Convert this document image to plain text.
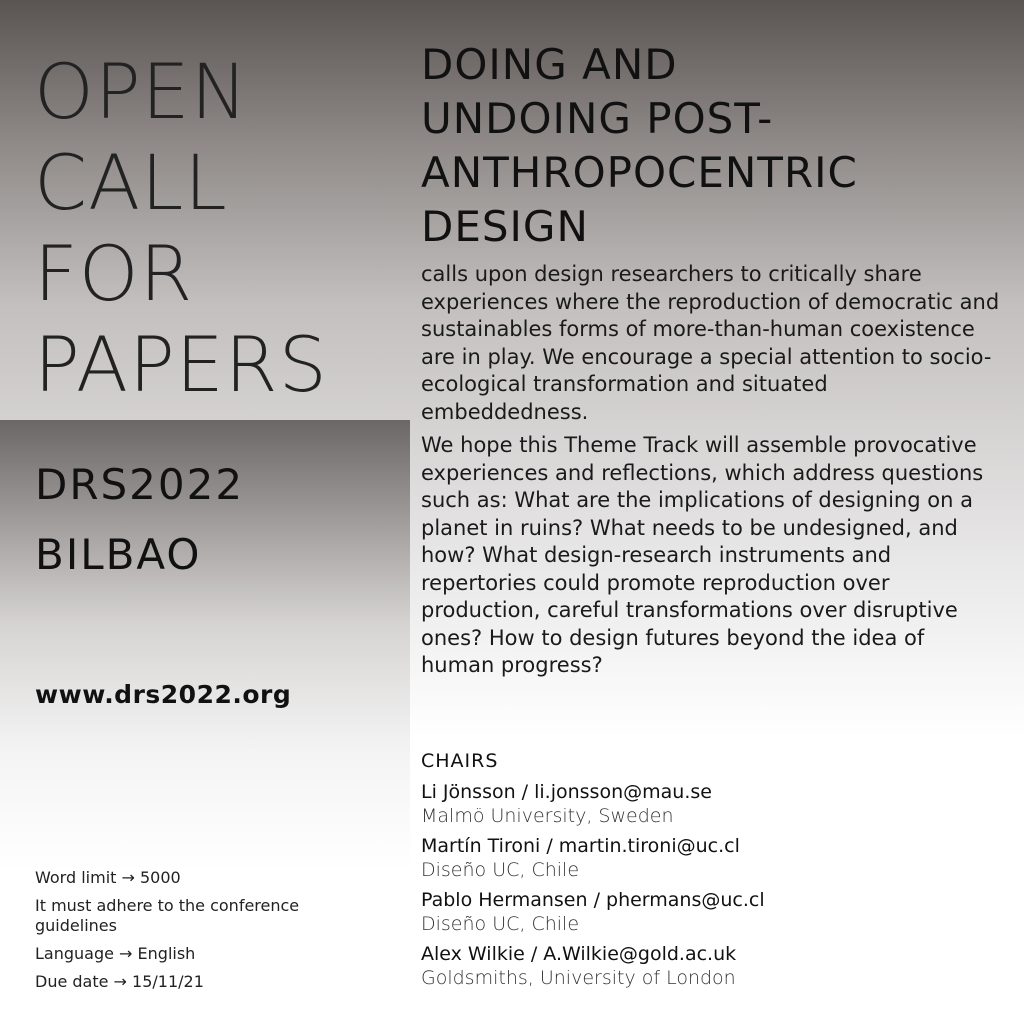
OPEN
CALL
FOR
PAPERS
DRS2022
BILBAO
www.drs2022.org
Word limit → 5000
It must adhere to the conference guidelines
Language → English
Due date → 15/11/21
DOING AND
UNDOING POST-
ANTHROPOCENTRIC
DESIGN

calls upon design researchers to critically share experiences where the reproduction of democratic and sustainables forms of more-than-human coexistence are in play. We encourage a special attention to socio-ecological transformation and situated embeddedness.

We hope this Theme Track will assemble provocative experiences and reflections, which address questions such as: What are the implications of designing on a planet in ruins? What needs to be undesigned, and how? What design-research instruments and repertories could promote reproduction over production, careful transformations over disruptive ones? How to design futures beyond the idea of human progress?

CHAIRS
Li Jönsson / li.jonsson@mau.se
Malmö University, Sweden
Martín Tironi / martin.tironi@uc.cl
Diseño UC, Chile
Pablo Hermansen / phermans@uc.cl
Diseño UC, Chile
Alex Wilkie / A.Wilkie@gold.ac.uk
Goldsmiths, University of London
